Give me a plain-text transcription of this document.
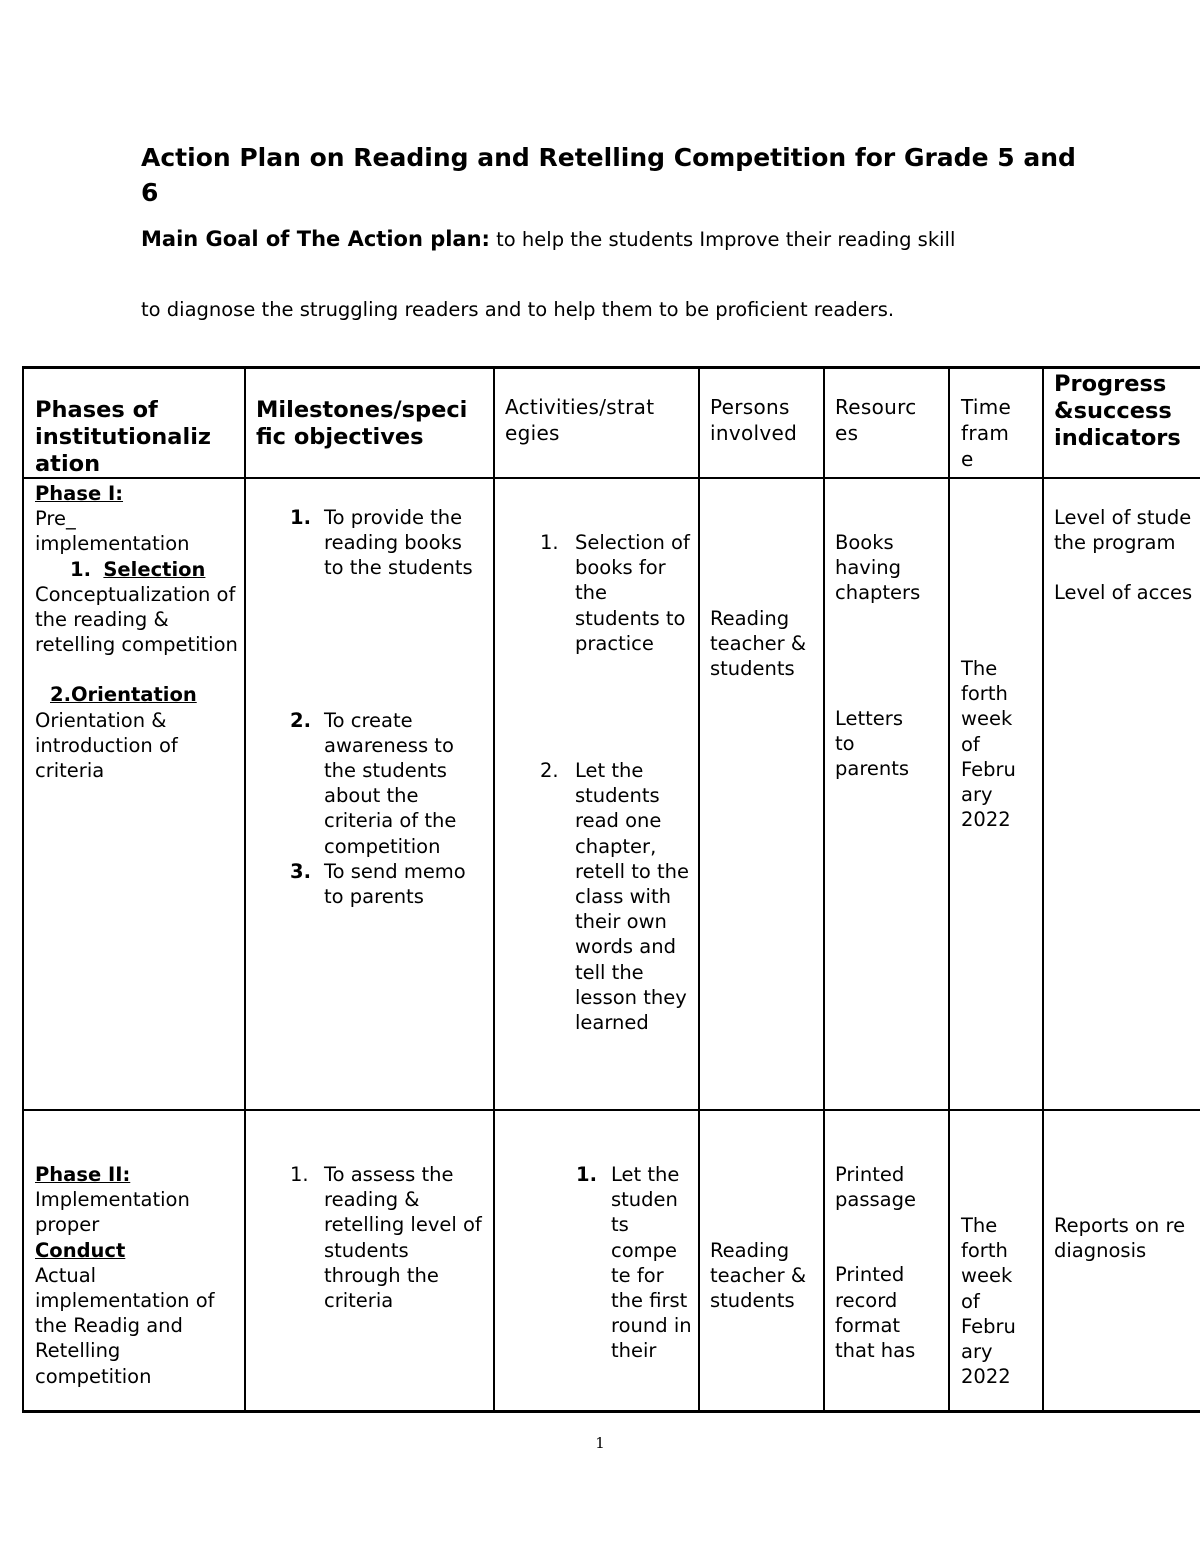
Action Plan on Reading and Retelling Competition for Grade 5 and 6
Main Goal of The Action plan: to help the students Improve their reading skill
to diagnose the struggling readers and to help them to be proficient readers.
Phases of institutionaliz ation
Milestones/speci fic objectives
Activities/strat egies
Persons involved
Resourc es
Time fram e
Progress &success indicators
Phase I:
Pre_ implementation
1. Selection
Conceptualization of the reading & retelling competition
2.Orientation
Orientation & introduction of criteria
1. To provide the reading books to the students
2. To create awareness to the students about the criteria of the competition
3. To send memo to parents
1. Selection of books for the students to practice
2. Let the students read one chapter, retell to the class with their own words and tell the lesson they learned
Reading teacher & students
Books having chapters
Letters to parents
The forth week of Febru ary 2022
Level of stude the program
Level of acces
Phase II:
Implementation proper
Conduct
Actual implementation of the Readig and Retelling competition
1. To assess the reading & retelling level of students through the criteria
1. Let the studen ts compe te for the first round in their
Reading teacher & students
Printed passage
Printed record format that has
The forth week of Febru ary 2022
Reports on re diagnosis
1
